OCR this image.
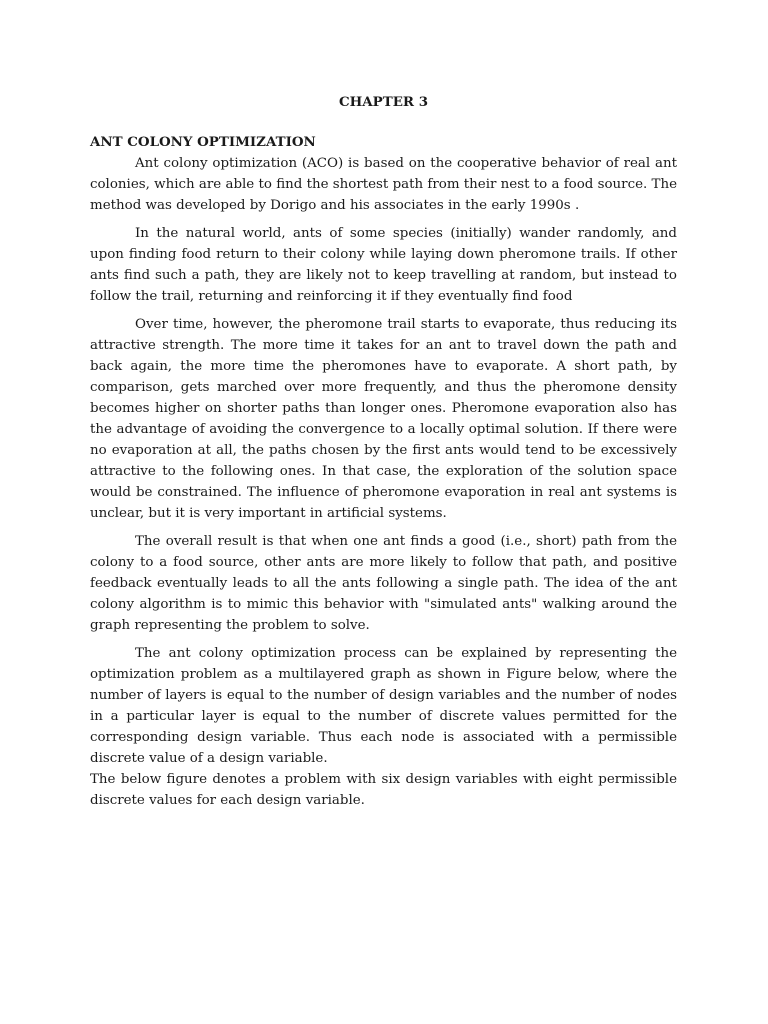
CHAPTER 3
ANT COLONY OPTIMIZATION

Ant colony optimization (ACO) is based on the cooperative behavior of real ant colonies, which are able to find the shortest path from their nest to a food source. The method was developed by Dorigo and his associates in the early 1990s .

In the natural world, ants of some species (initially) wander randomly, and upon finding food return to their colony while laying down pheromone trails. If other ants find such a path, they are likely not to keep travelling at random, but instead to follow the trail, returning and reinforcing it if they eventually find food

Over time, however, the pheromone trail starts to evaporate, thus reducing its attractive strength. The more time it takes for an ant to travel down the path and back again, the more time the pheromones have to evaporate. A short path, by comparison, gets marched over more frequently, and thus the pheromone density becomes higher on shorter paths than longer ones. Pheromone evaporation also has the advantage of avoiding the convergence to a locally optimal solution. If there were no evaporation at all, the paths chosen by the first ants would tend to be excessively attractive to the following ones. In that case, the exploration of the solution space would be constrained. The influence of pheromone evaporation in real ant systems is unclear, but it is very important in artificial systems.

The overall result is that when one ant finds a good (i.e., short) path from the colony to a food source, other ants are more likely to follow that path, and positive feedback eventually leads to all the ants following a single path. The idea of the ant colony algorithm is to mimic this behavior with "simulated ants" walking around the graph representing the problem to solve.

The ant colony optimization process can be explained by representing the optimization problem as a multilayered graph as shown in Figure below, where the number of layers is equal to the number of design variables and the number of nodes in a particular layer is equal to the number of discrete values permitted for the corresponding design variable. Thus each node is associated with a permissible discrete value of a design variable.

The below figure denotes a problem with six design variables with eight permissible discrete values for each design variable.
